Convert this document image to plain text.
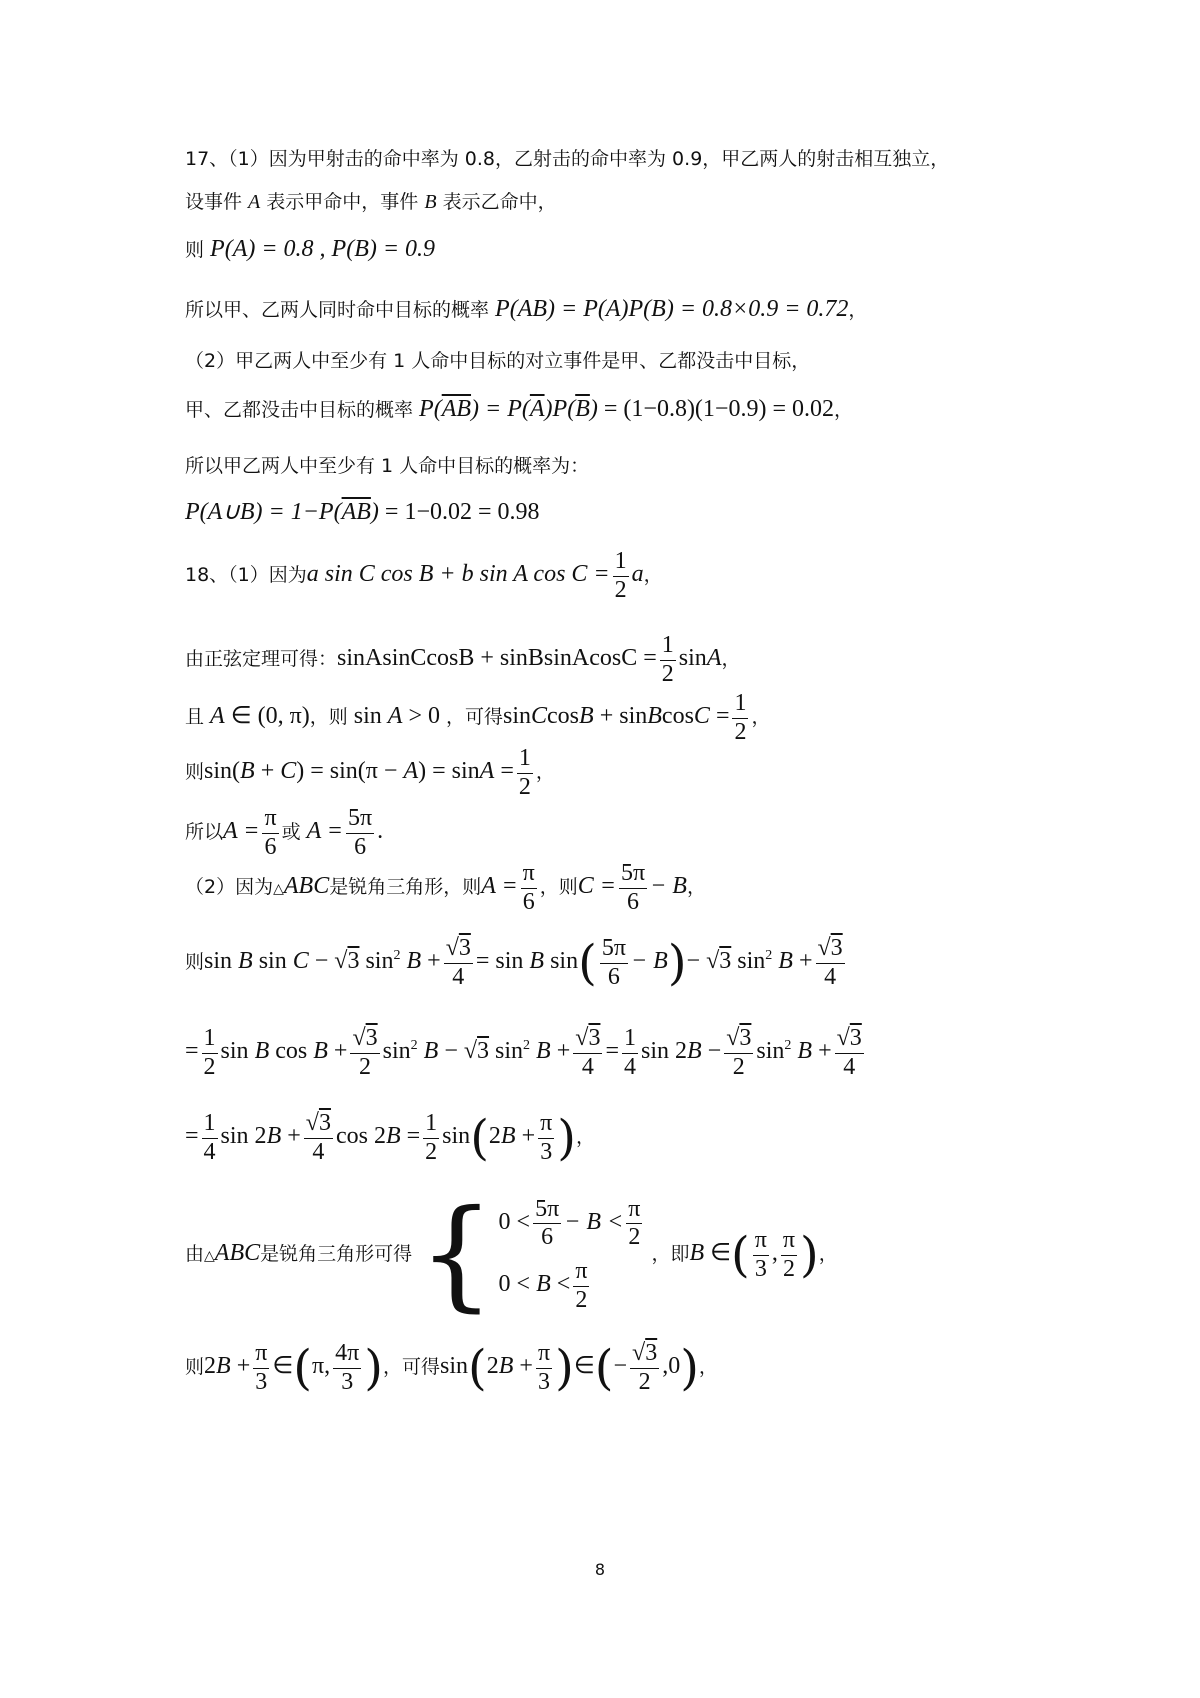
17、（1）因为甲射击的命中率为 0.8，乙射击的命中率为 0.9，甲乙两人的射击相互独立，
设事件 A 表示甲命中，事件 B 表示乙命中，
则 P(A) = 0.8 , P(B) = 0.9
所以甲、乙两人同时命中目标的概率 P(AB) = P(A)P(B) = 0.8×0.9 = 0.72，
（2）甲乙两人中至少有 1 人命中目标的对立事件是甲、乙都没击中目标，
甲、乙都没击中目标的概率 $P(\overline{AB}) = P(\overline{A})P(\overline{B}) = (1-0.8)(1-0.9) = 0.02$，
所以甲乙两人中至少有 1 人命中目标的概率为：
P(A∪B) = $1-P(\overline{AB}) = 1-0.02 = 0.98$
18、（1）因为a sin C cos B + b sin A $\cos C = \frac{1}{2}$ a，
由正弦定理可得：sinAsinCcosB + sinBsinAcosC = $\frac{1}{2}$ sinA，
且 A ∈ (0, π)，则 sin A > 0 ，可得sinCcosB + sinBcosC = $\frac{1}{2}$ ，
则$\sin(B + C) = \sin(\pi - A) = \sin A = \frac{1}{2}$ ，
所以$A = \frac{\pi}{6}$ 或 $A = \frac{5\pi}{6}$ .
（2）因为△ABC是锐角三角形，则$A = \frac{\pi}{6}$ ，则$C = \frac{5\pi}{6} - B$，
则sin B sin C − √3 $\sin^2 B + \frac{√3}{4} = \sin B$ $\sin( \frac{5\pi}{6} - B)- √3$ $\sin^2 B + \frac{√3}{4}$
= $\frac{1}{2}$ sin B $\cos B + \frac{√3}{2} \sin^2 B - √3$ $\sin^2 B + \frac{√3}{4} = \frac{1}{4}$ $\sin 2B - \frac{√3}{2} \sin^2 B + \frac{√3}{4}$
= $\frac{1}{4}$ $\sin 2B + \frac{√3}{4}$ $\cos 2B = \frac{1}{2} \sin(2B + \frac{\pi}{3}$ )，
由△ABC是锐角三角形可得 { $0 < \frac{5\pi}{6} - B < \frac{\pi}{2}$
$0 < B < \frac{\pi}{2}$
，即B ∈( $\frac{\pi}{3}$ , $\frac{\pi}{2}$ )，
则$2B + \frac{\pi}{3}$ ∈(π, $\frac{4\pi}{3}$ )，可得$\sin(2B + \frac{\pi}{3}$ )∈(− $\frac{√3}{2} ,0$)，
8
